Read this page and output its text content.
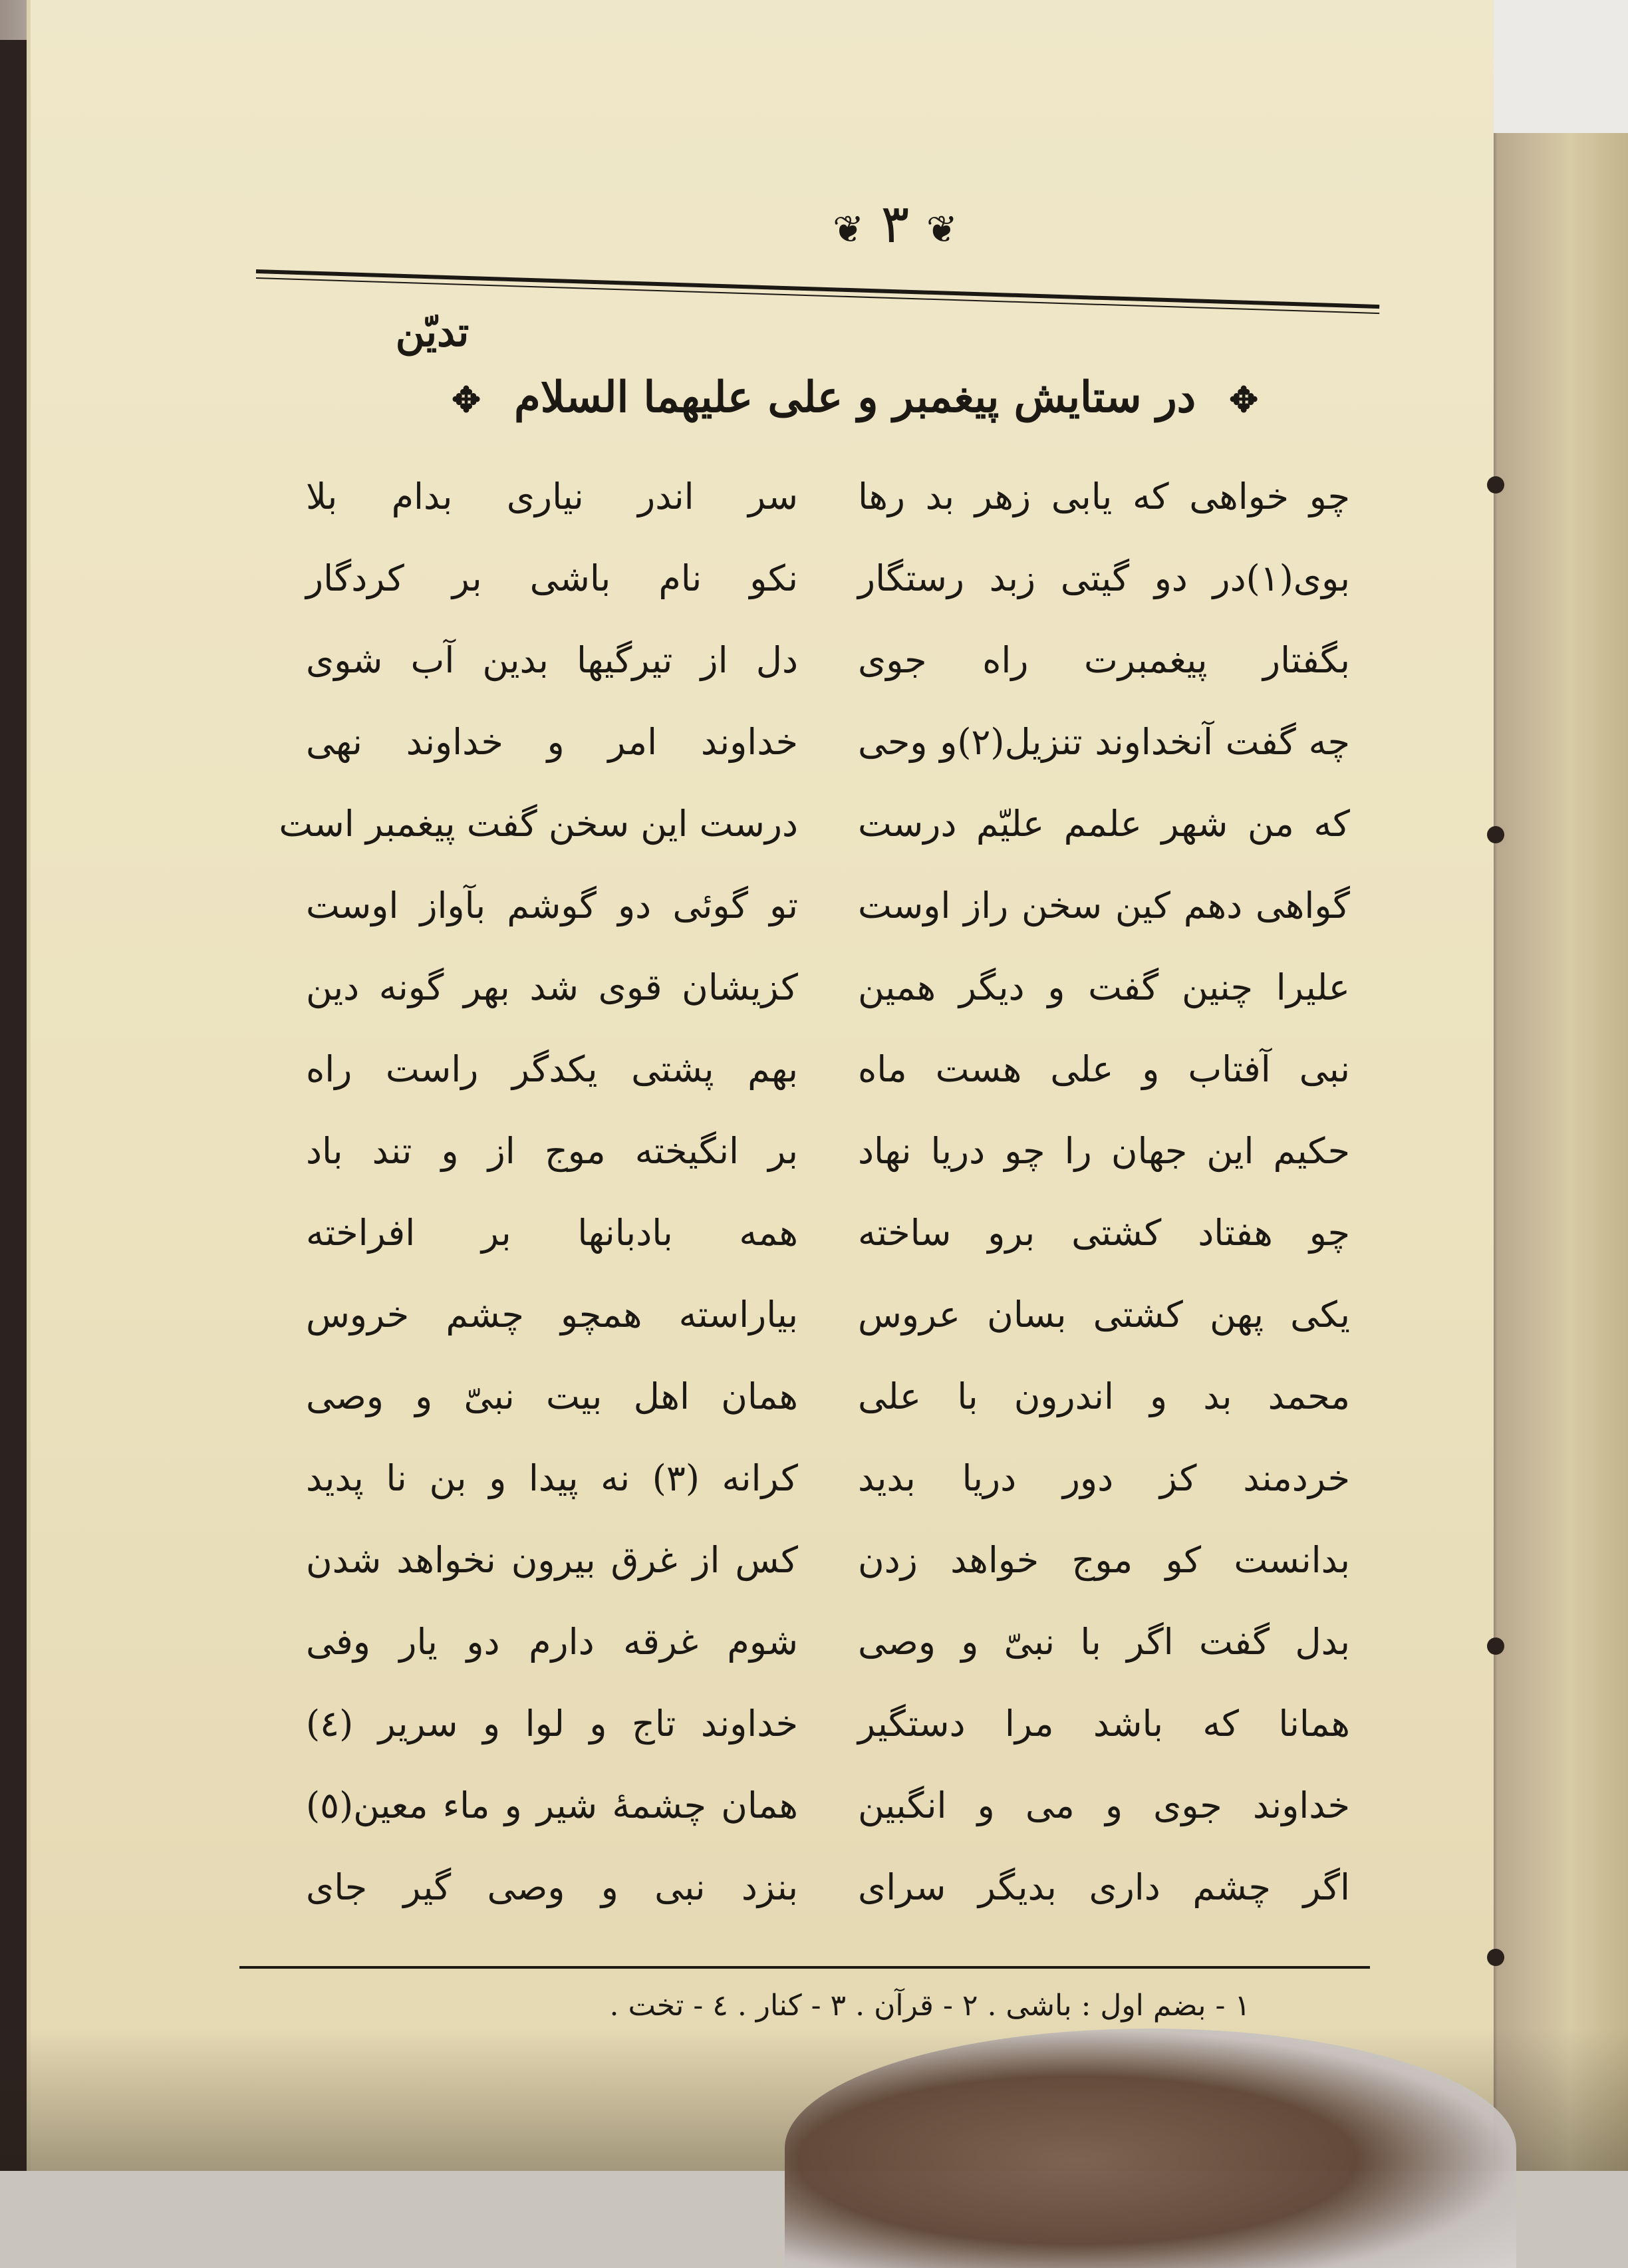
❦ ۳ ❦
تدیّن
✥ در ستایش پیغمبر و علی علیهما السلام ✥
چو خواهی که یابی زهر بد رها
سر اندر نیاری بدام بلا
بوی(۱)در دو گیتی زبد رستگار
نکو نام باشی بر کردگار
بگفتار پیغمبرت راه جوی
دل از تیرگیها بدین آب شوی
چه گفت آنخداوند تنزیل(۲)و وحی
خداوند امر و خداوند نهی
که من شهر علمم علیّم درست
درست این سخن گفت پیغمبر است
گواهی دهم کین سخن راز اوست
تو گوئی دو گوشم بآواز اوست
علیرا چنین گفت و دیگر همین
کزیشان قوی شد بهر گونه دین
نبی آفتاب و علی هست ماه
بهم پشتی یکدگر راست راه
حکیم این جهان را چو دریا نهاد
بر انگیخته موج از و تند باد
چو هفتاد کشتی برو ساخته
همه بادبانها بر افراخته
یکی پهن کشتی بسان عروس
بیاراسته همچو چشم خروس
محمد بد و اندرون با علی
همان اهل بیت نبیّ و وصی
خردمند کز دور دریا بدید
کرانه (۳) نه پیدا و بن نا پدید
بدانست کو موج خواهد زدن
کس از غرق بیرون نخواهد شدن
بدل گفت اگر با نبیّ و وصی
شوم غرقه دارم دو یار وفی
همانا که باشد مرا دستگیر
خداوند تاج و لوا و سریر (٤)
خداوند جوی و می و انگبین
همان چشمهٔ شیر و ماء معین(٥)
اگر چشم داری بدیگر سرای
بنزد نبی و وصی گیر جای
۱ - بضم اول : باشی . ۲ - قرآن . ۳ - کنار . ٤ - تخت .
